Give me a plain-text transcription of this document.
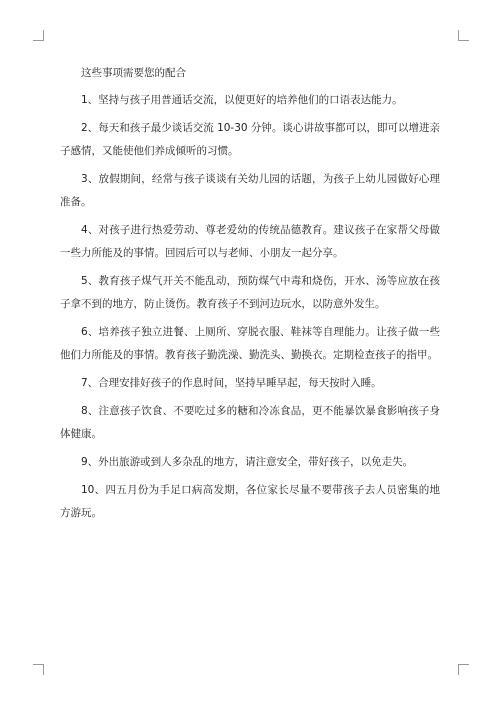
这些事项需要您的配合

1、坚持与孩子用普通话交流，以便更好的培养他们的口语表达能力。

2、每天和孩子最少谈话交流 10-30 分钟。谈心讲故事都可以，即可以增进亲子感情，又能使他们养成倾听的习惯。

3、放假期间，经常与孩子谈谈有关幼儿园的话题，为孩子上幼儿园做好心理准备。

4、对孩子进行热爱劳动、尊老爱幼的传统品德教育。建议孩子在家帮父母做一些力所能及的事情。回园后可以与老师、小朋友一起分享。

5、教育孩子煤气开关不能乱动，预防煤气中毒和烧伤，开水、汤等应放在孩子拿不到的地方，防止烫伤。教育孩子不到河边玩水，以防意外发生。

6、培养孩子独立进餐、上厕所、穿脱衣服、鞋袜等自理能力。让孩子做一些他们力所能及的事情。教育孩子勤洗澡、勤洗头、勤换衣。定期检查孩子的指甲。

7、合理安排好孩子的作息时间，坚持早睡早起，每天按时入睡。

8、注意孩子饮食、不要吃过多的糖和冷冻食品，更不能暴饮暴食影响孩子身体健康。

9、外出旅游或到人多杂乱的地方，请注意安全，带好孩子，以免走失。

10、四五月份为手足口病高发期，各位家长尽量不要带孩子去人员密集的地方游玩。
